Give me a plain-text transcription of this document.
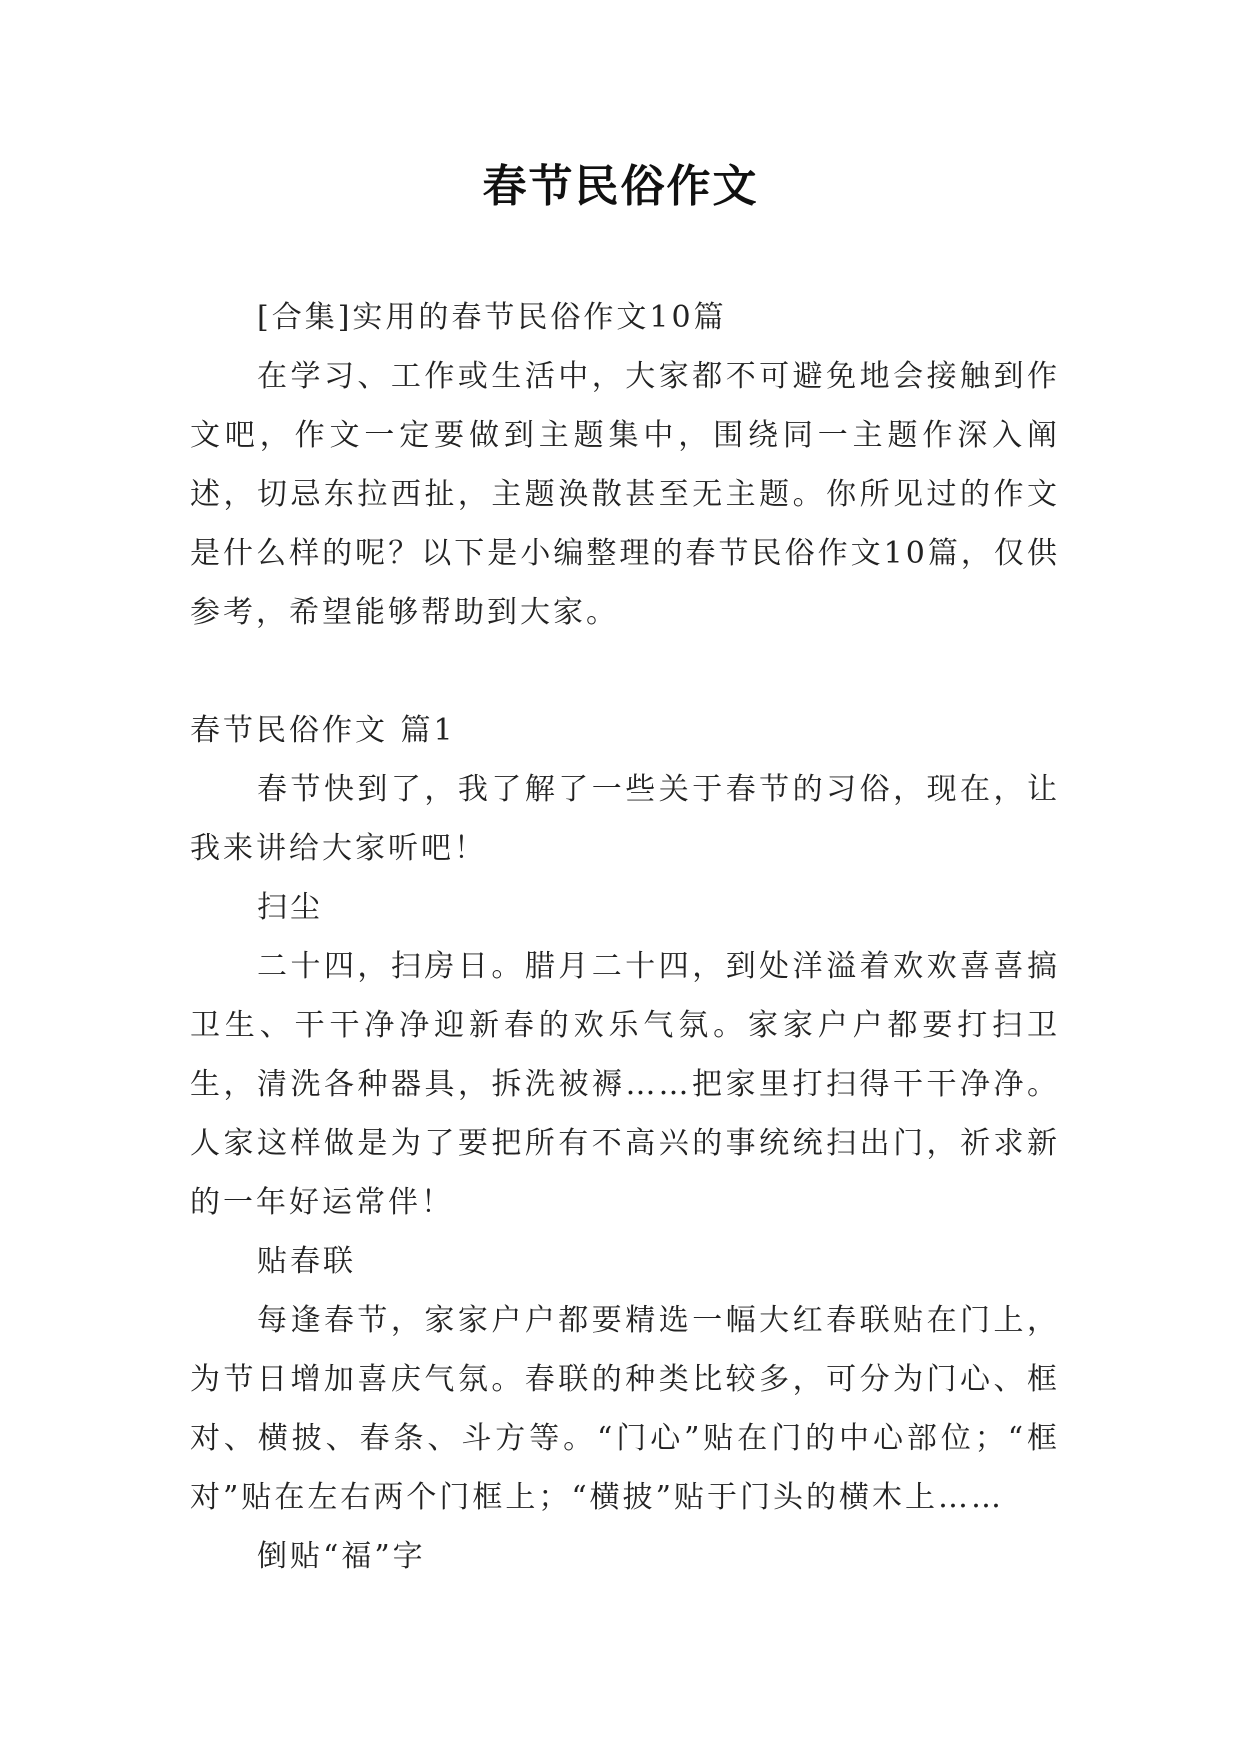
春节民俗作文

[合集]实用的春节民俗作文10篇

在学习、工作或生活中，大家都不可避免地会接触到作文吧，作文一定要做到主题集中，围绕同一主题作深入阐述，切忌东拉西扯，主题涣散甚至无主题。你所见过的作文是什么样的呢？以下是小编整理的春节民俗作文10篇，仅供参考，希望能够帮助到大家。

春节民俗作文 篇1

春节快到了，我了解了一些关于春节的习俗，现在，让我来讲给大家听吧！

扫尘

二十四，扫房日。腊月二十四，到处洋溢着欢欢喜喜搞卫生、干干净净迎新春的欢乐气氛。家家户户都要打扫卫生，清洗各种器具，拆洗被褥……把家里打扫得干干净净。人家这样做是为了要把所有不高兴的事统统扫出门，祈求新的一年好运常伴！

贴春联

每逢春节，家家户户都要精选一幅大红春联贴在门上，为节日增加喜庆气氛。春联的种类比较多，可分为门心、框对、横披、春条、斗方等。“门心”贴在门的中心部位；“框对”贴在左右两个门框上；“横披”贴于门头的横木上……

倒贴“福”字
